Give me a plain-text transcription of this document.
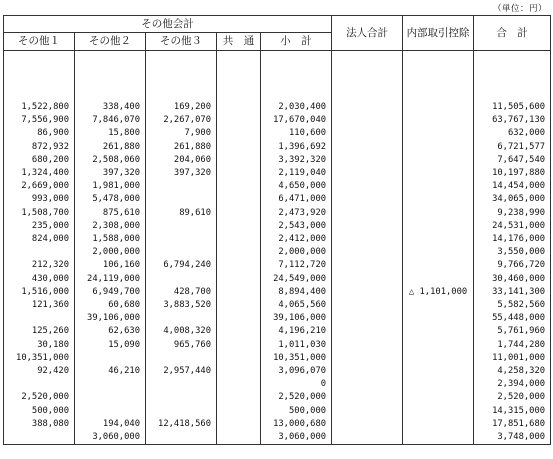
（単位：円）
その他会計					法人合計	内部取引控除	合　計
その他１	その他２	その他３	共　通	小　計			

1,522,800	338,400	169,200		2,030,400			11,505,600
7,556,900	7,846,070	2,267,070		17,670,040			63,767,130
86,900	15,800	7,900		110,600			632,000
872,932	261,880	261,880		1,396,692			6,721,577
680,200	2,508,060	204,060		3,392,320			7,647,540
1,324,400	397,320	397,320		2,119,040			10,197,880
2,669,000	1,981,000			4,650,000			14,454,000
993,000	5,478,000			6,471,000			34,065,000
1,508,700	875,610	89,610		2,473,920			9,238,990
235,000	2,308,000			2,543,000			24,531,000
824,000	1,588,000			2,412,000			14,176,000
	2,000,000			2,000,000			3,550,000
212,320	106,160	6,794,240		7,112,720			9,766,720
430,000	24,119,000			24,549,000			30,460,000
1,516,000	6,949,700	428,700		8,894,400		△ 1,101,000	33,141,300
121,360	60,680	3,883,520		4,065,560			5,582,560
	39,106,000			39,106,000			55,448,000
125,260	62,630	4,008,320		4,196,210			5,761,960
30,180	15,090	965,760		1,011,030			1,744,280
10,351,000				10,351,000			11,001,000
92,420	46,210	2,957,440		3,096,070			4,258,320
				0			2,394,000
2,520,000				2,520,000			2,520,000
500,000				500,000			14,315,000
388,080	194,040	12,418,560		13,000,680			17,851,680
	3,060,000			3,060,000			3,748,000
